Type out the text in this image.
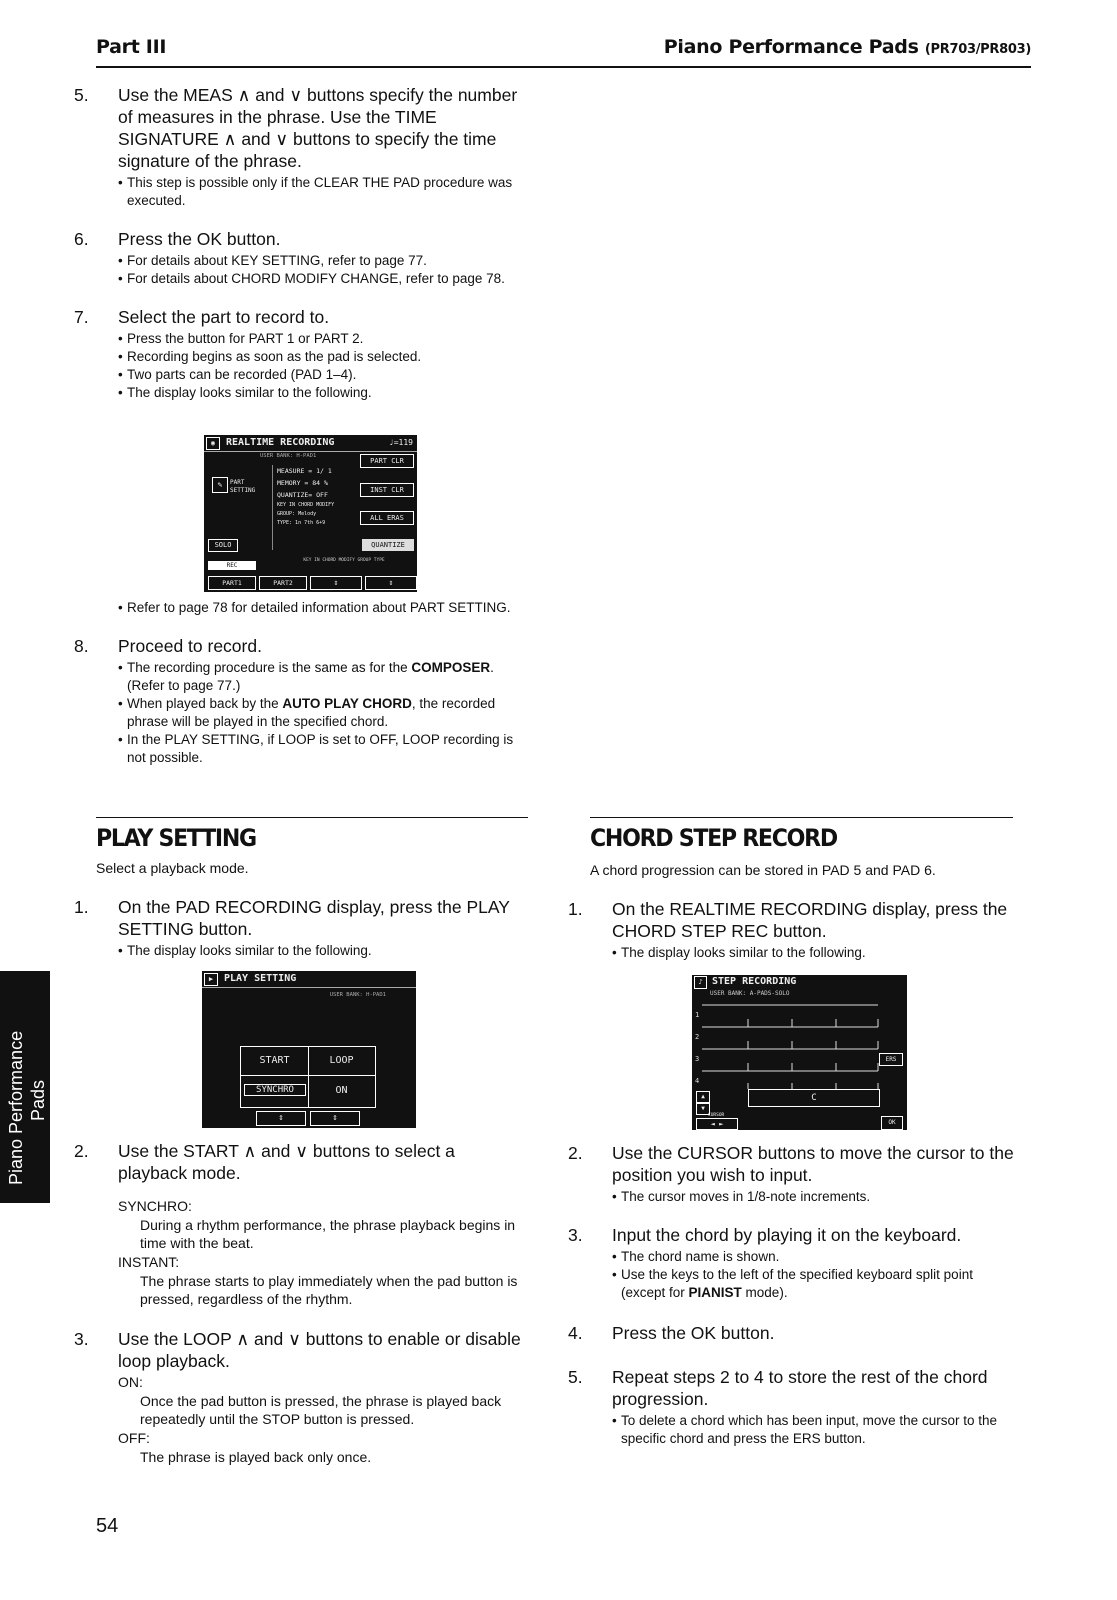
Part III	Piano Performance Pads (PR703/PR803)

5. Use the MEAS ∧ and ∨ buttons specify the number of measures in the phrase. Use the TIME SIGNATURE ∧ and ∨ buttons to specify the time signature of the phrase.

• This step is possible only if the CLEAR THE PAD procedure was executed.

6. Press the OK button.

• For details about KEY SETTING, refer to page 77.
• For details about CHORD MODIFY CHANGE, refer to page 78.

7. Select the part to record to.

• Press the button for PART 1 or PART 2.
• Recording begins as soon as the pad is selected.
• Two parts can be recorded (PAD 1–4).
• The display looks similar to the following.
◉	REALTIME RECORDING	♩=119
USER BANK: H-PAD1
✎	PART SETTING
MEASURE = 1/ 1
MEMORY = 84 %
QUANTIZE= OFF
KEY IN CHORD MODIFY
GROUP: Melody
TYPE: 1n 7th 6+9
PART CLR
INST CLR
ALL ERAS
QUANTIZE
SOLO
REC
KEY IN CHORD MODIFY GROUP TYPE
PART1	PART2	⇕	⇕
• Refer to page 78 for detailed information about PART SETTING.

8. Proceed to record.

• The recording procedure is the same as for the COMPOSER. (Refer to page 77.)
• When played back by the AUTO PLAY CHORD, the recorded phrase will be played in the specified chord.
• In the PLAY SETTING, if LOOP is set to OFF, LOOP recording is not possible.
PLAY SETTING

Select a playback mode.

1. On the PAD RECORDING display, press the PLAY SETTING button.

• The display looks similar to the following.
▶	PLAY SETTING
USER BANK: H-PAD1
START	LOOP
SYNCHRO	ON
⇕	⇕

2. Use the START ∧ and ∨ buttons to select a playback mode.

SYNCHRO:

During a rhythm performance, the phrase playback begins in time with the beat.

INSTANT:

The phrase starts to play immediately when the pad button is pressed, regardless of the rhythm.

3. Use the LOOP ∧ and ∨ buttons to enable or disable loop playback.

ON:

Once the pad button is pressed, the phrase is played back repeatedly until the STOP button is pressed.

OFF:

The phrase is played back only once.

CHORD STEP RECORD

A chord progression can be stored in PAD 5 and PAD 6.

1. On the REALTIME RECORDING display, press the CHORD STEP REC button.

• The display looks similar to the following.
♪ STEP RECORDING
USER BANK: A-PADS-SOLO
1
2
3
4
ERS
▲
▼
C
CURSOR
◄ ►	OK

2. Use the CURSOR buttons to move the cursor to the position you wish to input.

• The cursor moves in 1/8-note increments.

3. Input the chord by playing it on the keyboard.

• The chord name is shown.
• Use the keys to the left of the specified keyboard split point (except for PIANIST mode).

4. Press the OK button.

5. Repeat steps 2 to 4 to store the rest of the chord progression.

• To delete a chord which has been input, move the cursor to the specific chord and press the ERS button.
Piano Performance Pads
54
